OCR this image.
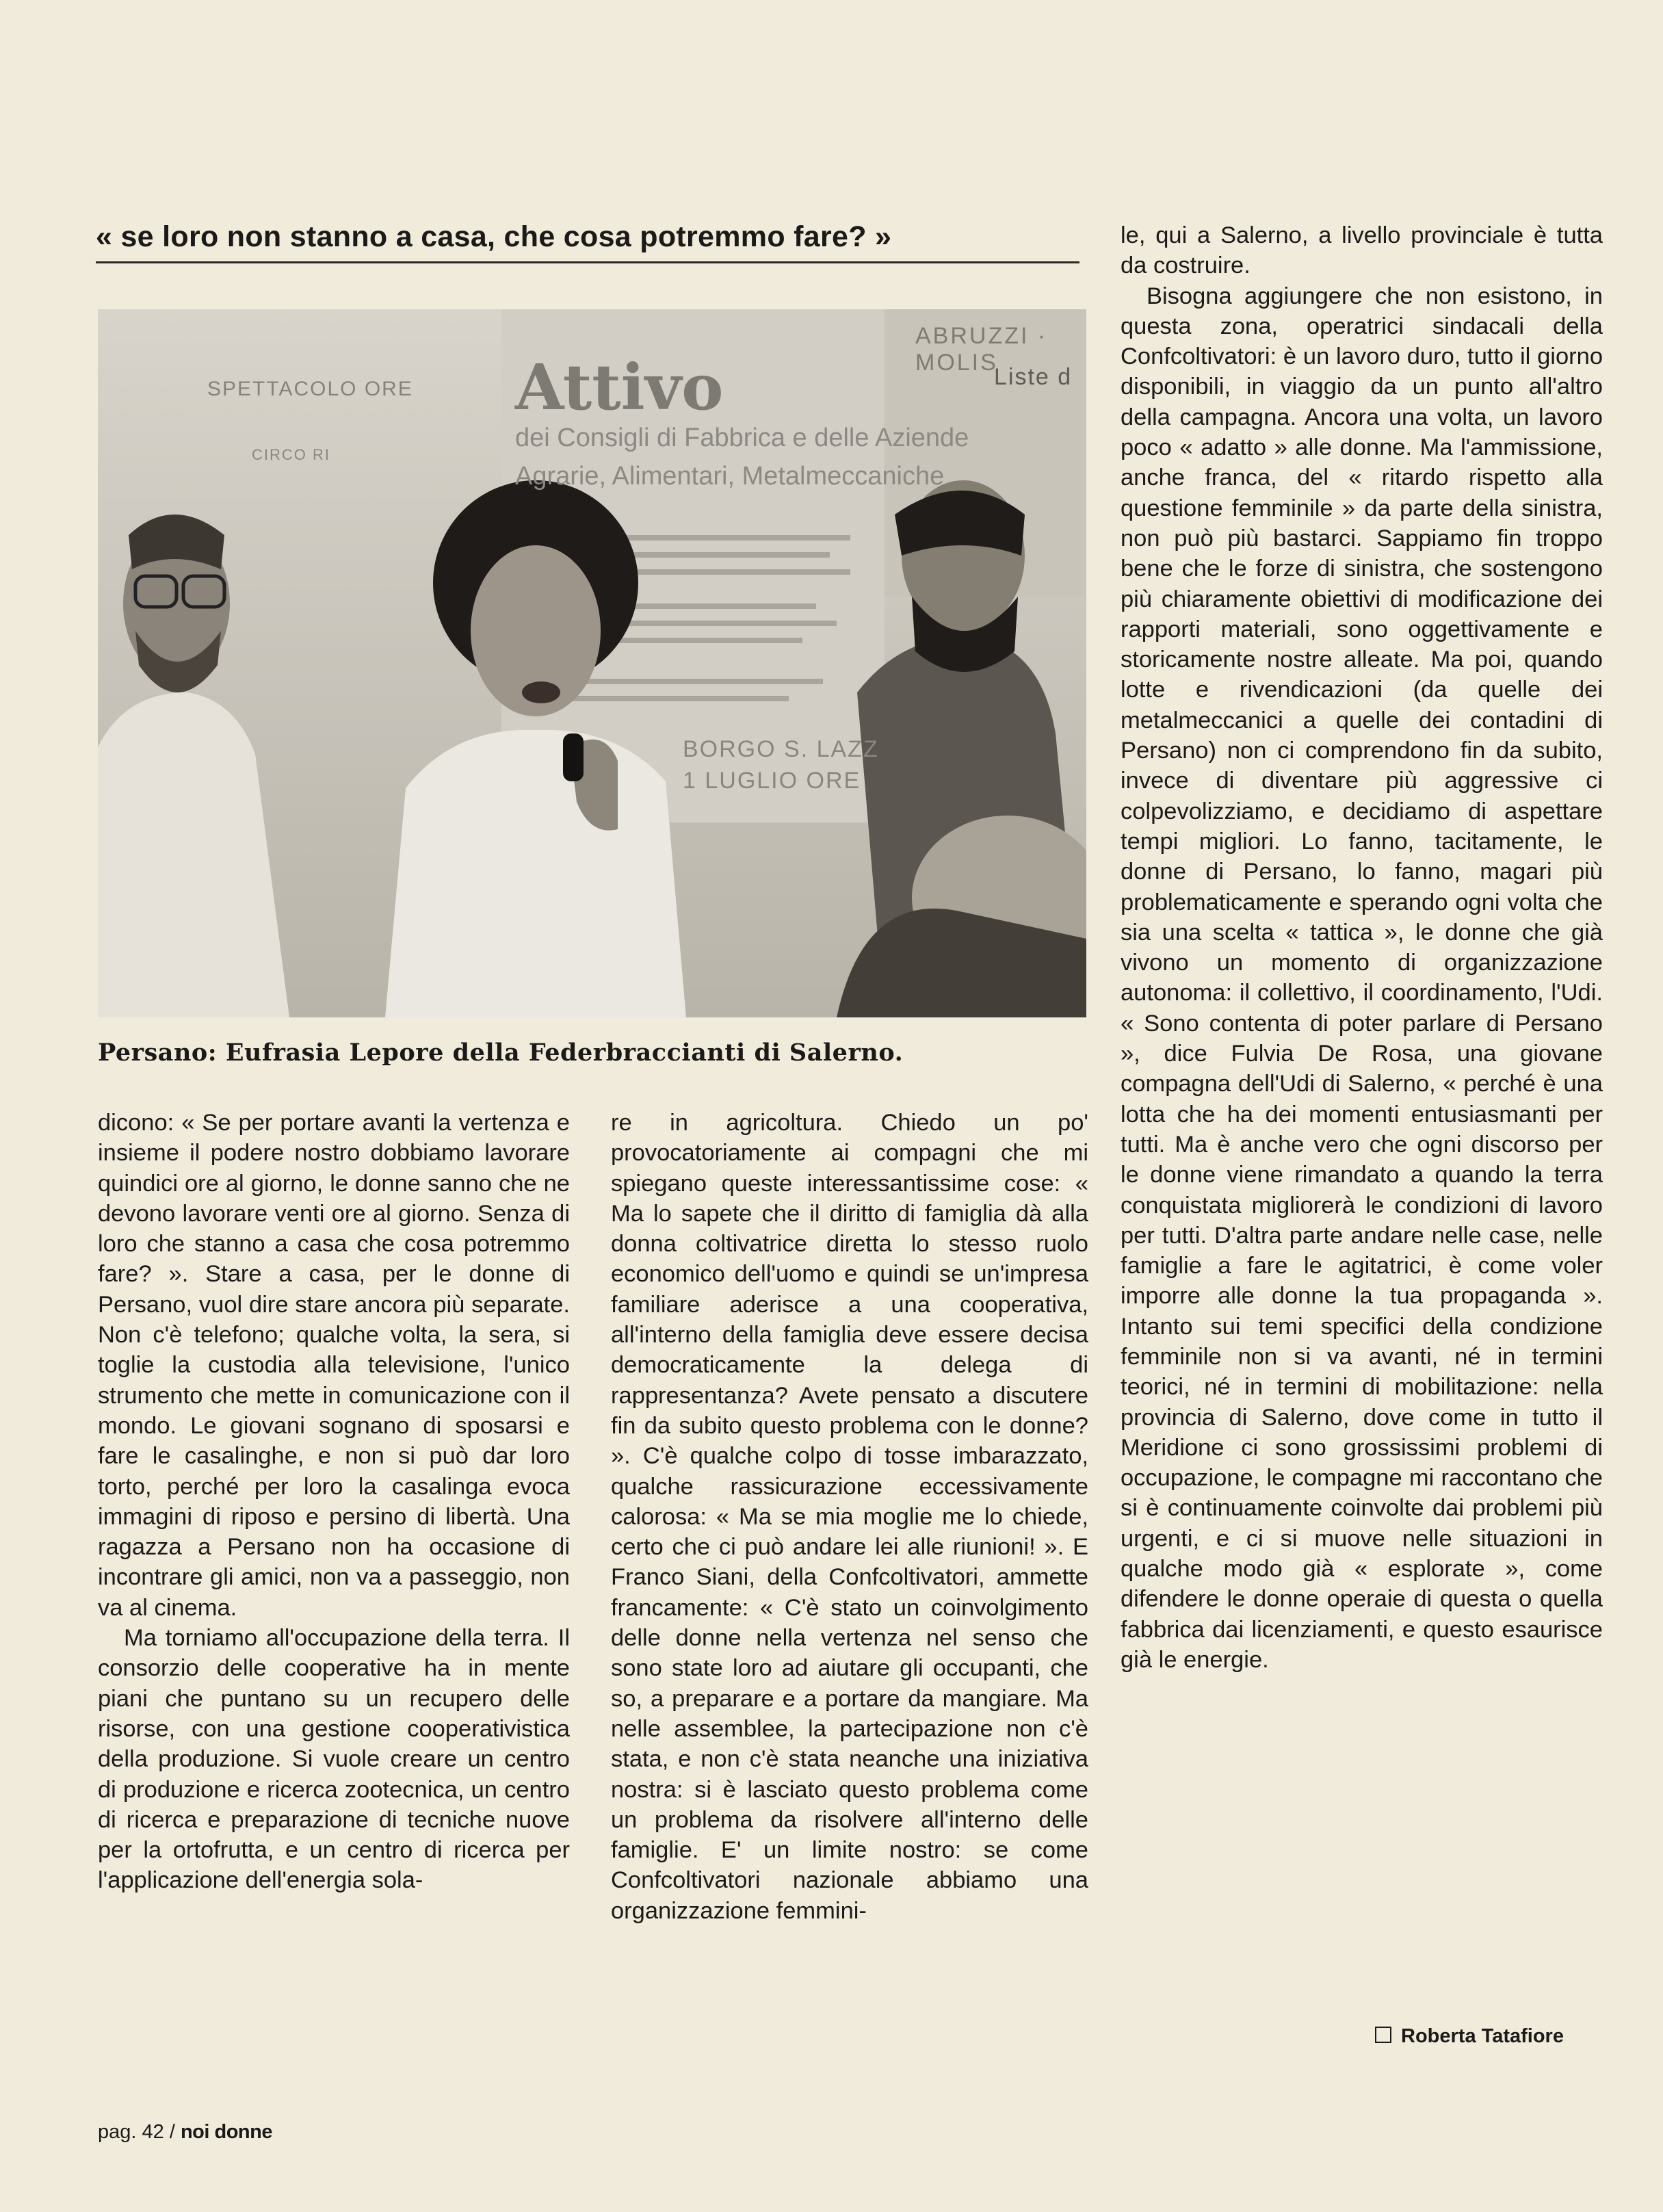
« se loro non stanno a casa, che cosa potremmo fare? »
Attivo
dei Consigli di Fabbrica e delle Aziende
Agrarie, Alimentari, Metalmeccaniche
SPETTACOLO ORE
CIRCO RI
ABRUZZI · MOLIS
Liste d
BORGO S. LAZZ
1 LUGLIO ORE
Persano: Eufrasia Lepore della Federbraccianti di Salerno.

dicono: « Se per portare avanti la vertenza e insieme il podere nostro dobbiamo lavorare quindici ore al giorno, le donne sanno che ne devono lavorare venti ore al giorno. Senza di loro che stanno a casa che cosa potremmo fare? ». Stare a casa, per le donne di Persano, vuol dire stare ancora più separate. Non c'è telefono; qualche volta, la sera, si toglie la custodia alla televisione, l'unico strumento che mette in comunicazione con il mondo. Le giovani sognano di sposarsi e fare le casalinghe, e non si può dar loro torto, perché per loro la casalinga evoca immagini di riposo e persino di libertà. Una ragazza a Persano non ha occasione di incontrare gli amici, non va a passeggio, non va al cinema.

Ma torniamo all'occupazione della terra. Il consorzio delle cooperative ha in mente piani che puntano su un recupero delle risorse, con una gestione cooperativistica della produzione. Si vuole creare un centro di produzione e ricerca zootecnica, un centro di ricerca e preparazione di tecniche nuove per la ortofrutta, e un centro di ricerca per l'applicazione dell'energia sola-

re in agricoltura. Chiedo un po' provocatoriamente ai compagni che mi spiegano queste interessantissime cose: « Ma lo sapete che il diritto di famiglia dà alla donna coltivatrice diretta lo stesso ruolo economico dell'uomo e quindi se un'impresa familiare aderisce a una cooperativa, all'interno della famiglia deve essere decisa democraticamente la delega di rappresentanza? Avete pensato a discutere fin da subito questo problema con le donne? ». C'è qualche colpo di tosse imbarazzato, qualche rassicurazione eccessivamente calorosa: « Ma se mia moglie me lo chiede, certo che ci può andare lei alle riunioni! ». E Franco Siani, della Confcoltivatori, ammette francamente: « C'è stato un coinvolgimento delle donne nella vertenza nel senso che sono state loro ad aiutare gli occupanti, che so, a preparare e a portare da mangiare. Ma nelle assemblee, la partecipazione non c'è stata, e non c'è stata neanche una iniziativa nostra: si è lasciato questo problema come un problema da risolvere all'interno delle famiglie. E' un limite nostro: se come Confcoltivatori nazionale abbiamo una organizzazione femmini-

le, qui a Salerno, a livello provinciale è tutta da costruire.

Bisogna aggiungere che non esistono, in questa zona, operatrici sindacali della Confcoltivatori: è un lavoro duro, tutto il giorno disponibili, in viaggio da un punto all'altro della campagna. Ancora una volta, un lavoro poco « adatto » alle donne. Ma l'ammissione, anche franca, del « ritardo rispetto alla questione femminile » da parte della sinistra, non può più bastarci. Sappiamo fin troppo bene che le forze di sinistra, che sostengono più chiaramente obiettivi di modificazione dei rapporti materiali, sono oggettivamente e storicamente nostre alleate. Ma poi, quando lotte e rivendicazioni (da quelle dei metalmeccanici a quelle dei contadini di Persano) non ci comprendono fin da subito, invece di diventare più aggressive ci colpevolizziamo, e decidiamo di aspettare tempi migliori. Lo fanno, tacitamente, le donne di Persano, lo fanno, magari più problematicamente e sperando ogni volta che sia una scelta « tattica », le donne che già vivono un momento di organizzazione autonoma: il collettivo, il coordinamento, l'Udi. « Sono contenta di poter parlare di Persano », dice Fulvia De Rosa, una giovane compagna dell'Udi di Salerno, « perché è una lotta che ha dei momenti entusiasmanti per tutti. Ma è anche vero che ogni discorso per le donne viene rimandato a quando la terra conquistata migliorerà le condizioni di lavoro per tutti. D'altra parte andare nelle case, nelle famiglie a fare le agitatrici, è come voler imporre alle donne la tua propaganda ». Intanto sui temi specifici della condizione femminile non si va avanti, né in termini teorici, né in termini di mobilitazione: nella provincia di Salerno, dove come in tutto il Meridione ci sono grossissimi problemi di occupazione, le compagne mi raccontano che si è continuamente coinvolte dai problemi più urgenti, e ci si muove nelle situazioni in qualche modo già « esplorate », come difendere le donne operaie di questa o quella fabbrica dai licenziamenti, e questo esaurisce già le energie.

Roberta Tatafiore
pag. 42 / noi donne
